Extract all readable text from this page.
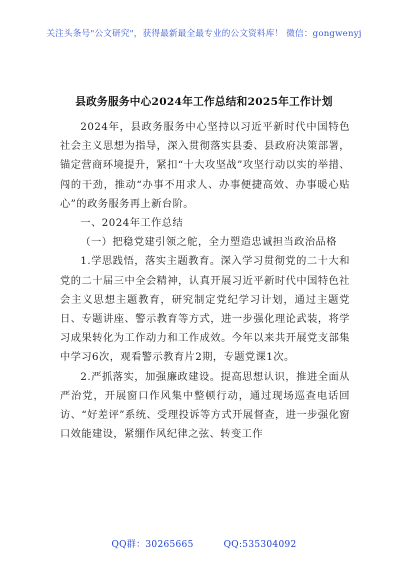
关注头条号"公文研究"，获得最新最全最专业的公文资料库！ 微信：gongwenyj
县政务服务中心2024年工作总结和2025年工作计划

2024年，县政务服务中心坚持以习近平新时代中国特色社会主义思想为指导，深入贯彻落实县委、县政府决策部署，锚定营商环境提升，紧扣“十大攻坚战”攻坚行动以实的举措、闯的干劲，推动“办事不用求人、办事便捷高效、办事暖心贴心”的政务服务再上新台阶。

一、2024年工作总结

（一）把稳党建引领之舵，全力塑造忠诚担当政治品格

1.学思践悟，落实主题教育。深入学习贯彻党的二十大和党的二十届三中全会精神，认真开展习近平新时代中国特色社会主义思想主题教育，研究制定党纪学习计划，通过主题党日、专题讲座、警示教育等方式，进一步强化理论武装，将学习成果转化为工作动力和工作成效。今年以来共开展党支部集中学习6次，观看警示教育片2期，专题党课1次。

2.严抓落实，加强廉政建设。提高思想认识，推进全面从严治党，开展窗口作风集中整顿行动，通过现场巡查电话回访、“好差评”系统、受理投诉等方式开展督查，进一步强化窗口效能建设，紧绷作风纪律之弦、转变工作

QQ群：30265665	QQ:535304092
